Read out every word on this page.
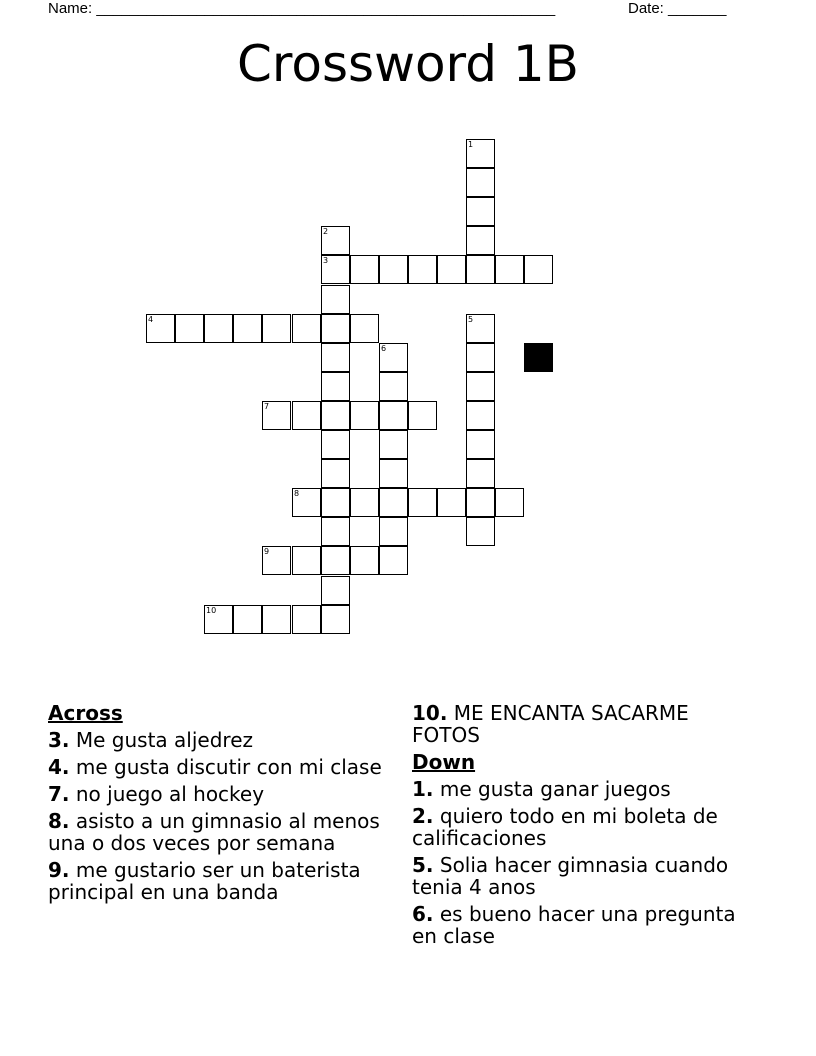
Name: _______________________________________________________	Date: _______
Crossword 1B
1
2
3
4	5
6
7
8
9
10
Across
3. Me gusta aljedrez
4. me gusta discutir con mi clase
7. no juego al hockey
8. asisto a un gimnasio al menos una o dos veces por semana
9. me gustario ser un baterista principal en una banda
10. ME ENCANTA SACARME FOTOS
Down
1. me gusta ganar juegos
2. quiero todo en mi boleta de calificaciones
5. Solia hacer gimnasia cuando tenia 4 anos
6. es bueno hacer una pregunta en clase
